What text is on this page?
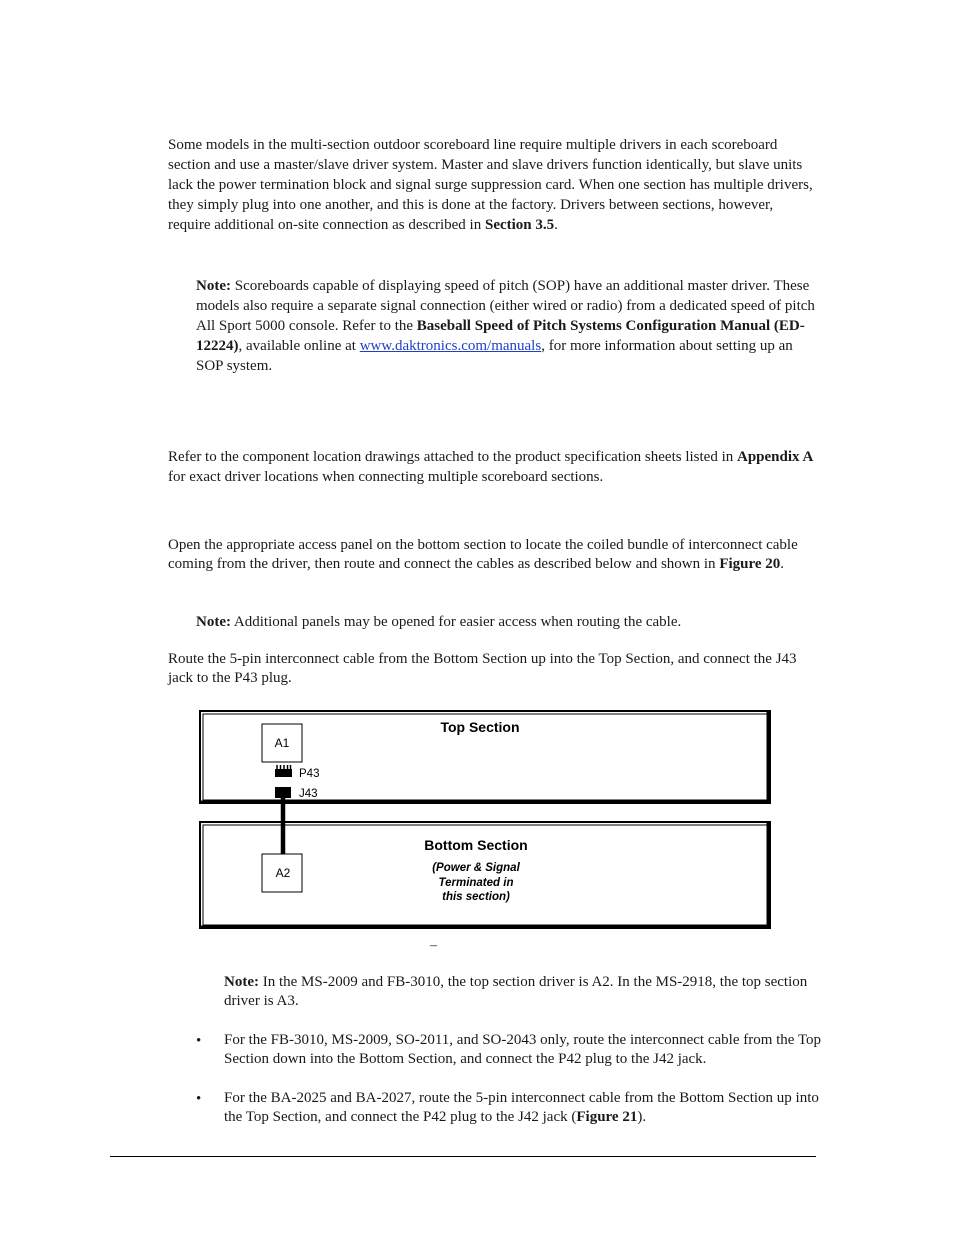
Some models in the multi-section outdoor scoreboard line require multiple drivers in each scoreboard section and use a master/slave driver system. Master and slave drivers function identically, but slave units lack the power termination block and signal surge suppression card. When one section has multiple drivers, they simply plug into one another, and this is done at the factory. Drivers between sections, however, require additional on-site connection as described in Section 3.5.

Note: Scoreboards capable of displaying speed of pitch (SOP) have an additional master driver. These models also require a separate signal connection (either wired or radio) from a dedicated speed of pitch All Sport 5000 console. Refer to the Baseball Speed of Pitch Systems Configuration Manual (ED-12224), available online at www.daktronics.com/manuals, for more information about setting up an SOP system.

Refer to the component location drawings attached to the product specification sheets listed in Appendix A for exact driver locations when connecting multiple scoreboard sections.

Open the appropriate access panel on the bottom section to locate the coiled bundle of interconnect cable coming from the driver, then route and connect the cables as described below and shown in Figure 20.

Note: Additional panels may be opened for easier access when routing the cable.

Route the 5-pin interconnect cable from the Bottom Section up into the Top Section, and connect the J43 jack to the P43 plug.

Top Section
Bottom Section
(Power & Signal
Terminated in
this section)
A1
P43
J43
A2
–

Note: In the MS-2009 and FB-3010, the top section driver is A2. In the MS-2918, the top section driver is A3.

•	For the FB-3010, MS-2009, SO-2011, and SO-2043 only, route the interconnect cable from the Top Section down into the Bottom Section, and connect the P42 plug to the J42 jack.

•	For the BA-2025 and BA-2027, route the 5-pin interconnect cable from the Bottom Section up into the Top Section, and connect the P42 plug to the J42 jack (Figure 21).
